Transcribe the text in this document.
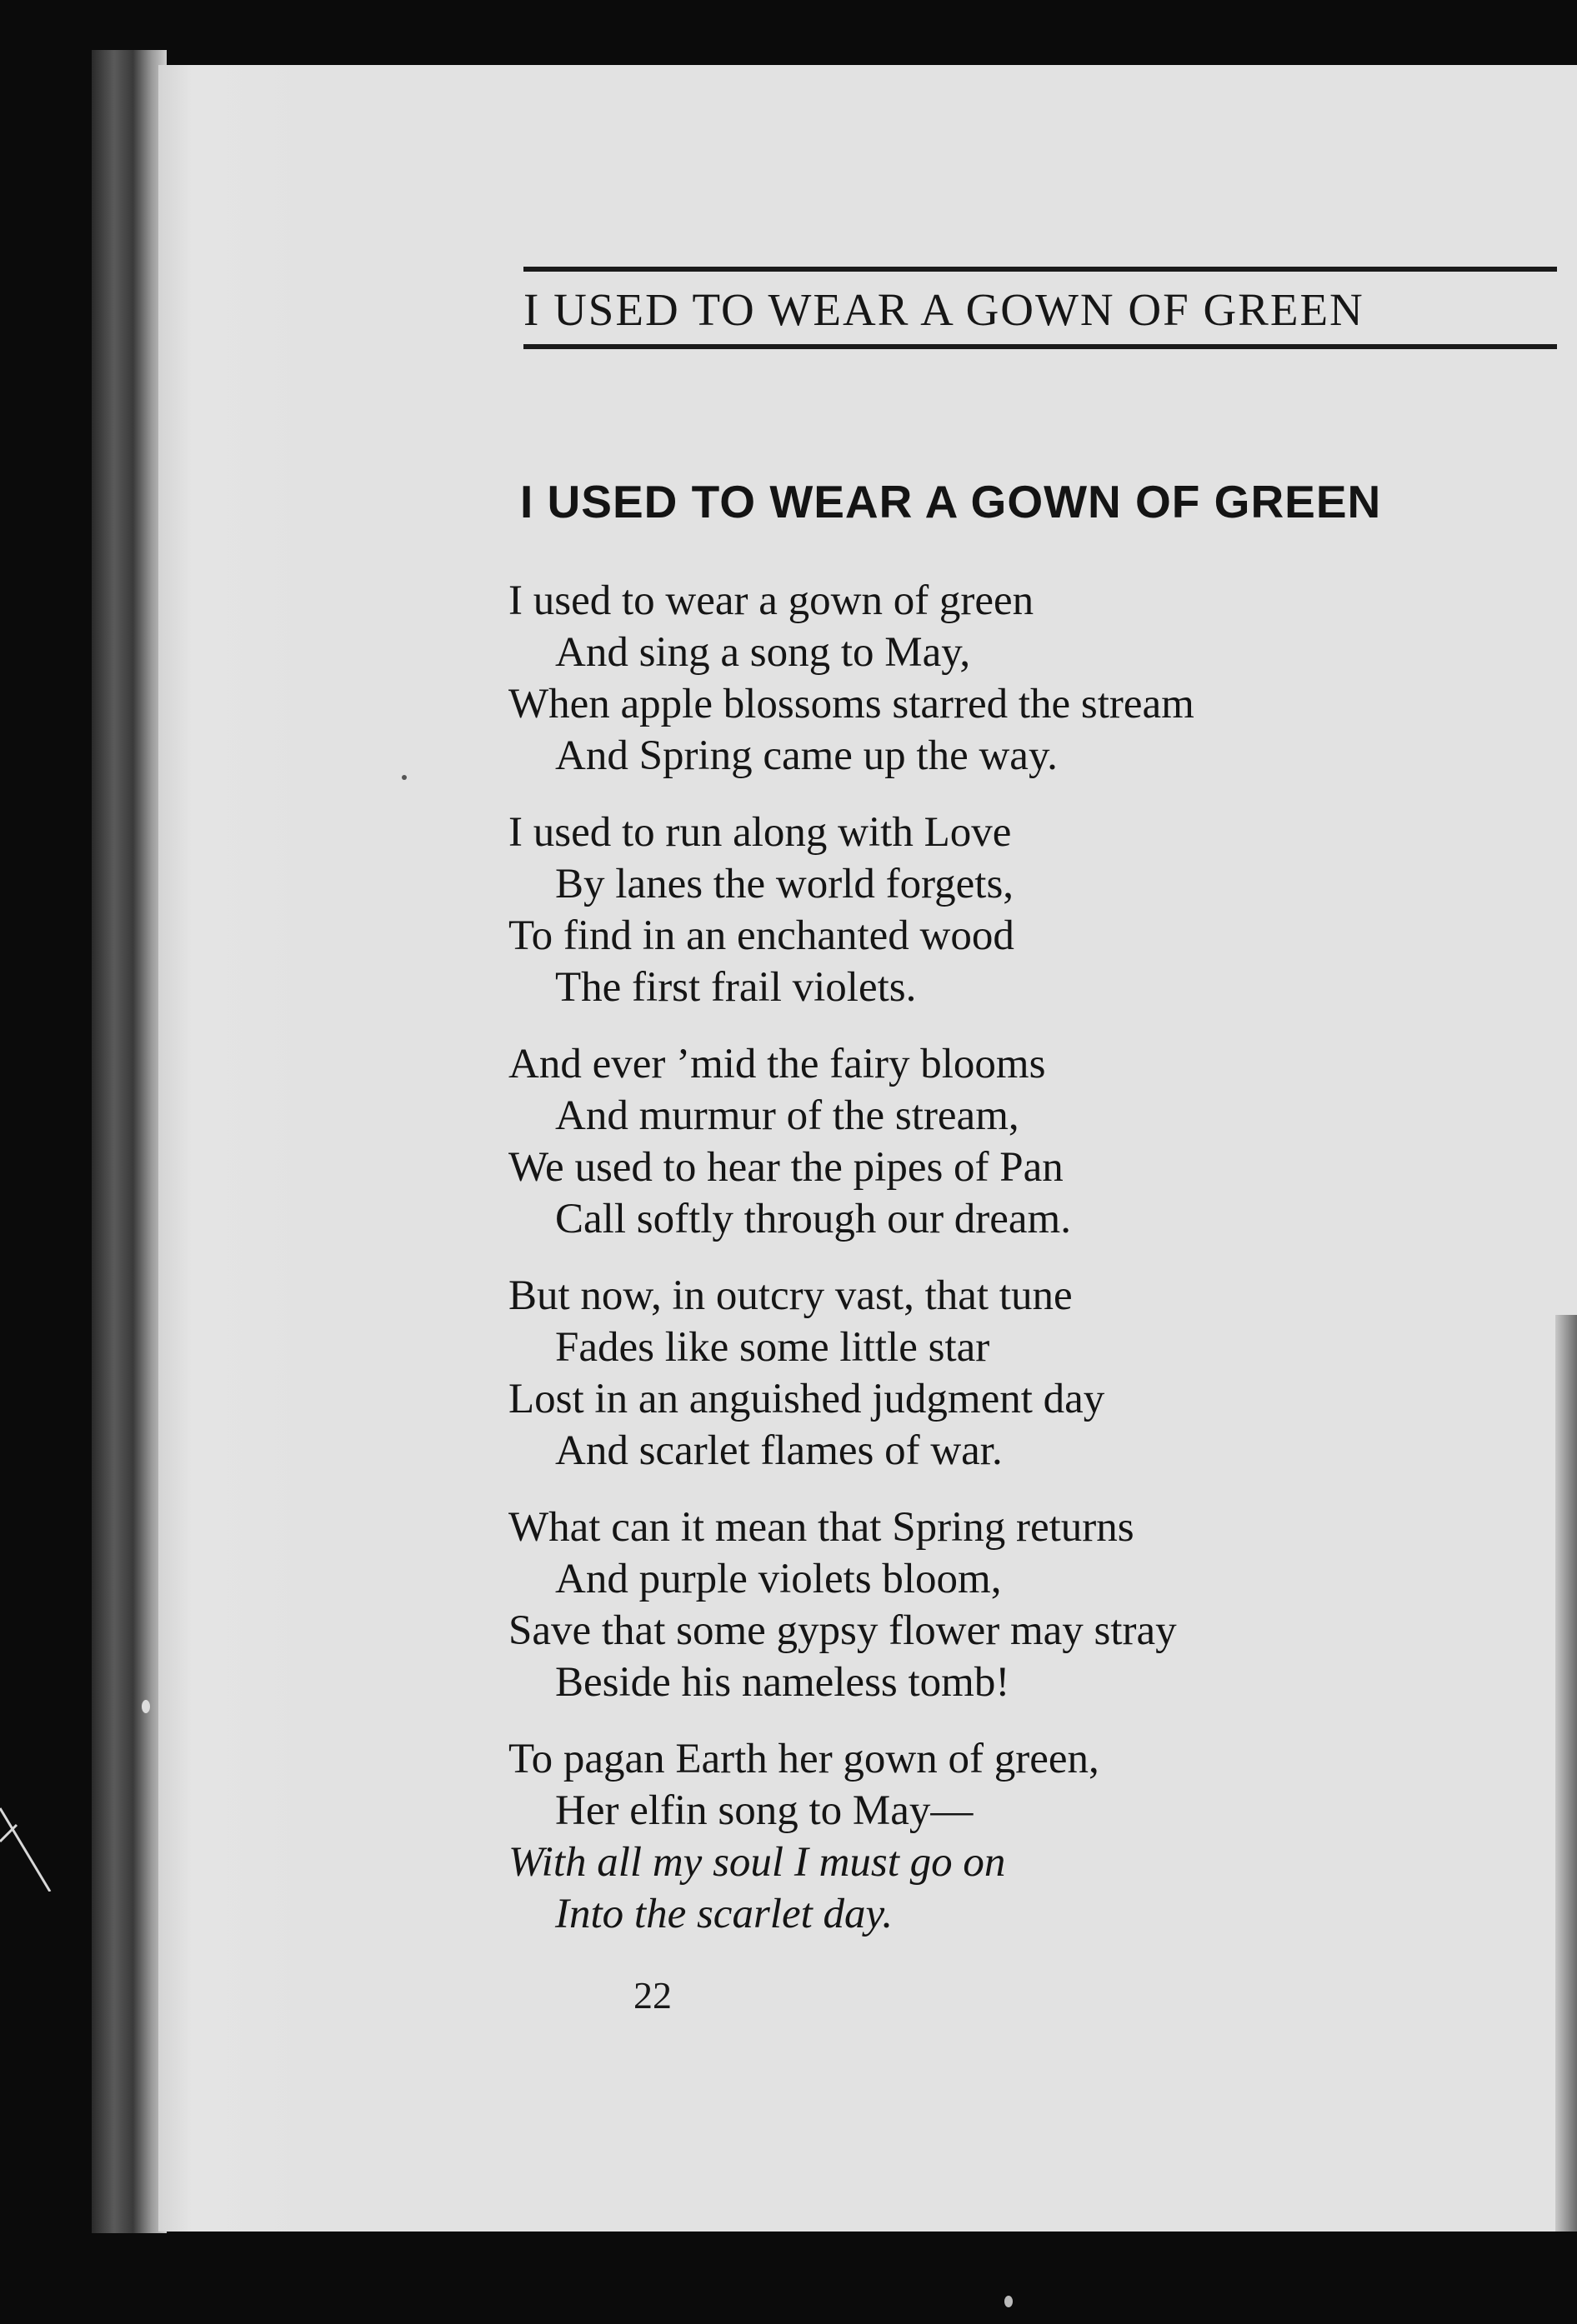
I USED TO WEAR A GOWN OF GREEN
I USED TO WEAR A GOWN OF GREEN
I used to wear a gown of green
And sing a song to May,
When apple blossoms starred the stream
And Spring came up the way.
I used to run along with Love
By lanes the world forgets,
To find in an enchanted wood
The first frail violets.
And ever ’mid the fairy blooms
And murmur of the stream,
We used to hear the pipes of Pan
Call softly through our dream.
But now, in outcry vast, that tune
Fades like some little star
Lost in an anguished judgment day
And scarlet flames of war.
What can it mean that Spring returns
And purple violets bloom,
Save that some gypsy flower may stray
Beside his nameless tomb!
To pagan Earth her gown of green,
Her elfin song to May—
With all my soul I must go on
Into the scarlet day.
22
